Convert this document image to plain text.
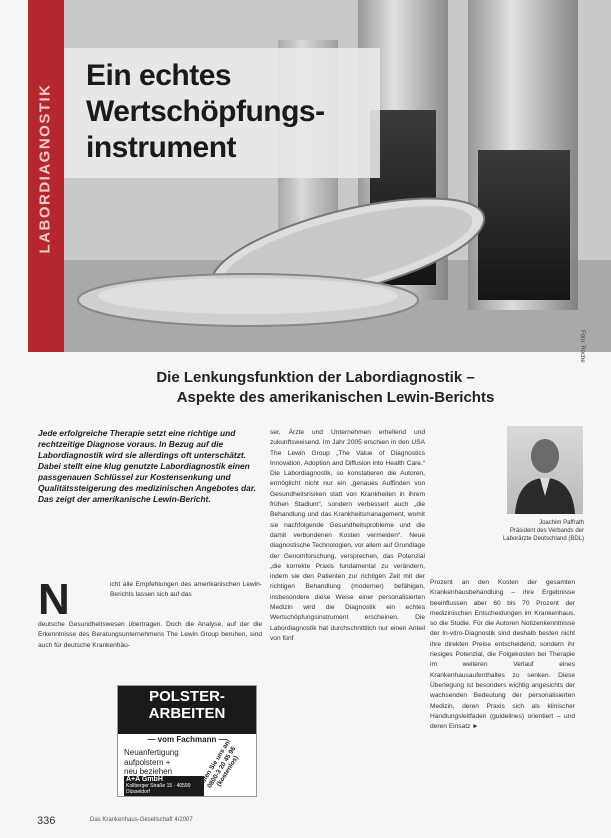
LABORDIAGNOSTIK
Ein echtes
Wertschöpfungs-
instrument
Foto: Roche
Die Lenkungsfunktion der Labordiagnostik –
Aspekte des amerikanischen Lewin-Berichts
Jede erfolgreiche Therapie setzt eine richtige und rechtzeitige Diagnose voraus. In Bezug auf die Labordiagnostik wird sie allerdings oft unterschätzt. Dabei stellt eine klug genutzte Labordiagnostik einen passgenauen Schlüssel zur Kostensenkung und Qualitätssteigerung des medizinischen Angebotes dar. Das zeigt der amerikanische Lewin-Bericht.
N	icht alle Empfehlungen des amerikanischen Lewin-Berichts lassen sich auf das
deutsche Gesundheitswesen übertragen. Doch die Analyse, auf der die Erkenntnisse des Beratungsunternehmens The Lewin Group beruhen, sind auch für deutsche Krankenhäu-
ser, Ärzte und Unternehmen erhellend und zukunftsweisend. Im Jahr 2005 erschien in den USA The Lewin Group „The Value of Diagnostics Innovation, Adoption and Diffusion into Health Care.“ Die Labordiagnostik, so konstatieren die Autoren, ermöglicht nicht nur ein „genaues Auffinden von Gesundheitsrisiken statt von Krankheiten in ihrem frühen Stadium“, sondern verbessert auch „die Behandlung und das Krankheitsmanagement, womit sie nachfolgende Gesundheitsprobleme und die damit verbundenen Kosten vermeiden“. Neue diagnostische Technologien, vor allem auf Grundlage der Genomforschung, versprechen, das Potenzial „die korrekte Praxis fundamental zu verändern, indem sie den Patienten zur richtigen Zeit mit der richtigen Behandlung (moderner) befähigen, insbesondere diese Weise einer personalisierten Medizin wird die Diagnostik ein echtes Wertschöpfungsinstrument erscheinen. Die Labordiagnostik hat durchschnittlich nur einen Anteil von fünf
Joachim Paffrath
Präsident des Verbands der
Laborärzte Deutschland (BDL)
Prozent an den Kosten der gesamten Krankenhausbehandlung – ihre Ergebnisse beeinflussen aber 60 bis 70 Prozent der medizinischen Entscheidungen im Krankenhaus, so die Studie. Für die Autoren Notizenkenntnisse der In-vitro-Diagnostik sind deshalb besten nicht ihre direkten Preise entscheidend, sondern ihr riesiges Potenzial, die Folgekosten bei Therapie im weiteren Verlauf eines Krankenhausaufenthaltes zu senken. Diese Überlegung ist besonders wichtig angesichts der wachsenden Bedeutung der personalisierten Medizin, deren Praxis sich als klinischer Handlungsleitfaden (guidelines) orientiert – und deren Einsatz ►
POLSTER-
ARBEITEN
— vom Fachmann —
Neuanfertigung
aufpolstern +
neu beziehen
A+A GmbH
Kollberger Straße 15 · 40599 Düsseldorf
Rufen Sie uns an! 0800-3 20 45 96 (kostenlos)
336	Das Krankenhaus-Gesellschaft 4/2007
